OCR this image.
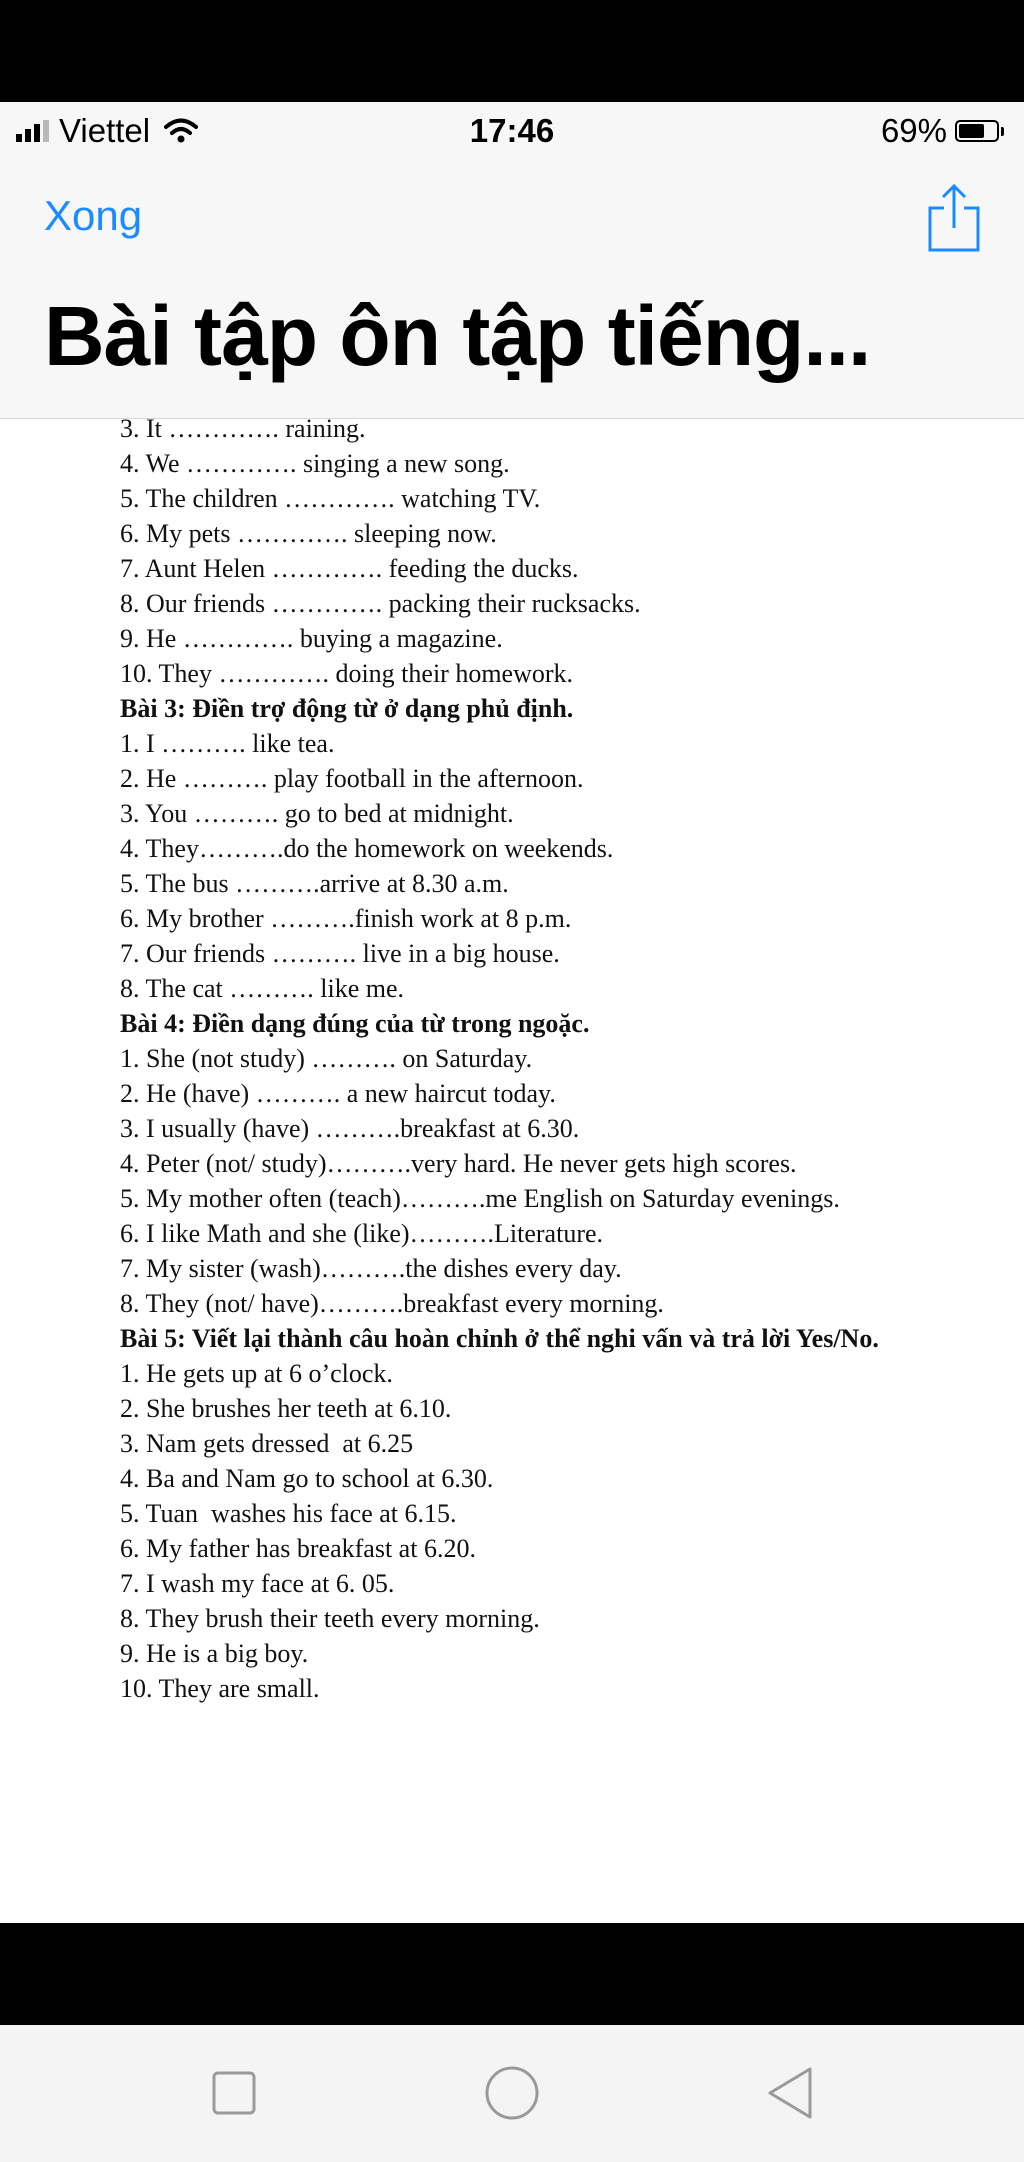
Viettel	17:46	69%
Xong
Bài tập ôn tập tiếng...
3. It …………. raining.
4. We …………. singing a new song.
5. The children …………. watching TV.
6. My pets …………. sleeping now.
7. Aunt Helen …………. feeding the ducks.
8. Our friends …………. packing their rucksacks.
9. He …………. buying a magazine.
10. They …………. doing their homework.
Bài 3: Điền trợ động từ ở dạng phủ định.
1. I ………. like tea.
2. He ………. play football in the afternoon.
3. You ………. go to bed at midnight.
4. They……….do the homework on weekends.
5. The bus ……….arrive at 8.30 a.m.
6. My brother ……….finish work at 8 p.m.
7. Our friends ………. live in a big house.
8. The cat ………. like me.
Bài 4: Điền dạng đúng của từ trong ngoặc.
1. She (not study) ………. on Saturday.
2. He (have) ………. a new haircut today.
3. I usually (have) ……….breakfast at 6.30.
4. Peter (not/ study)……….very hard. He never gets high scores.
5. My mother often (teach)……….me English on Saturday evenings.
6. I like Math and she (like)……….Literature.
7. My sister (wash)……….the dishes every day.
8. They (not/ have)……….breakfast every morning.
Bài 5: Viết lại thành câu hoàn chỉnh ở thể nghi vấn và trả lời Yes/No.
1. He gets up at 6 o’clock.
2. She brushes her teeth at 6.10.
3. Nam gets dressed  at 6.25
4. Ba and Nam go to school at 6.30.
5. Tuan  washes his face at 6.15.
6. My father has breakfast at 6.20.
7. I wash my face at 6. 05.
8. They brush their teeth every morning.
9. He is a big boy.
10. They are small.
